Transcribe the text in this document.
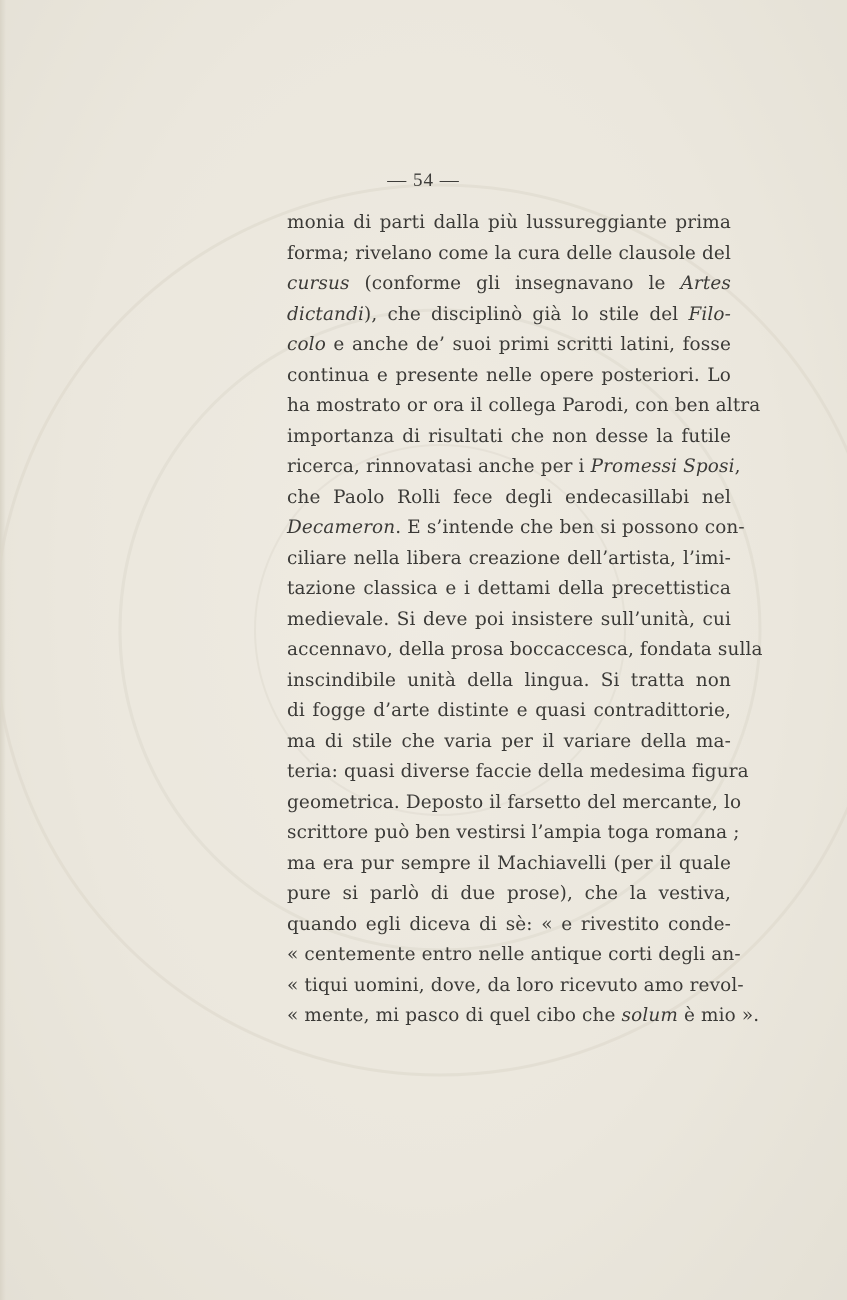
— 54 —
monia di parti dalla più lussureggiante prima
forma; rivelano come la cura delle clausole del
cursus (conforme gli insegnavano le Artes
dictandi), che disciplinò già lo stile del Filo-
colo e anche de’ suoi primi scritti latini, fosse
continua e presente nelle opere posteriori. Lo
ha mostrato or ora il collega Parodi, con ben altra
importanza di risultati che non desse la futile
ricerca, rinnovatasi anche per i Promessi Sposi,
che Paolo Rolli fece degli endecasillabi nel
Decameron. E s’intende che ben si possono con-
ciliare nella libera creazione dell’artista, l’imi-
tazione classica e i dettami della precettistica
medievale. Si deve poi insistere sull’unità, cui
accennavo, della prosa boccaccesca, fondata sulla
inscindibile unità della lingua. Si tratta non
di fogge d’arte distinte e quasi contradittorie,
ma di stile che varia per il variare della ma-
teria: quasi diverse faccie della medesima figura
geometrica. Deposto il farsetto del mercante, lo
scrittore può ben vestirsi l’ampia toga romana ;
ma era pur sempre il Machiavelli (per il quale
pure si parlò di due prose), che la vestiva,
quando egli diceva di sè: « e rivestito conde-
« centemente entro nelle antique corti degli an-
« tiqui uomini, dove, da loro ricevuto amo revol-
« mente, mi pasco di quel cibo che solum è mio ».
